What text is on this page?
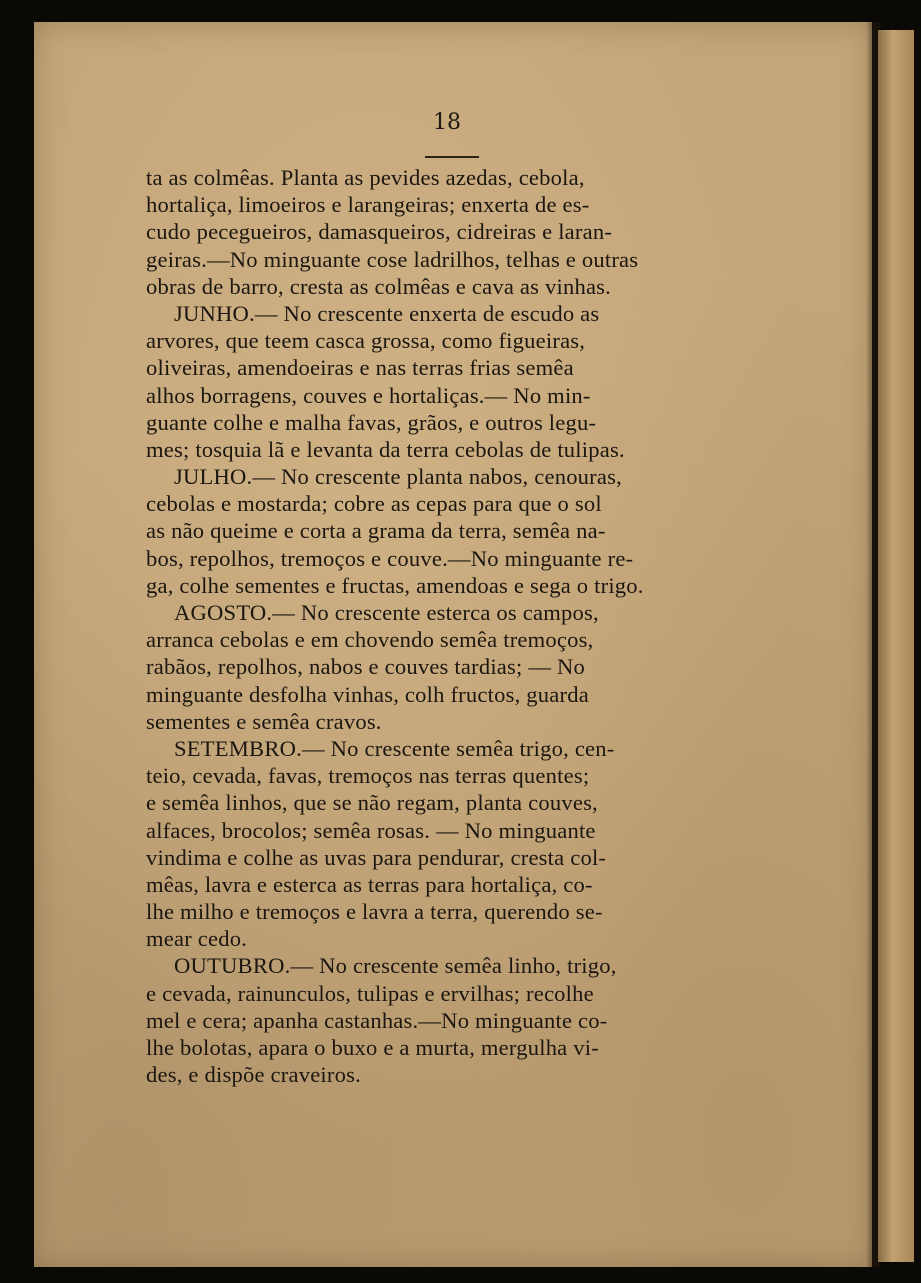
18
ta as colmêas. Planta as pevides azedas, cebola,
hortaliça, limoeiros e larangeiras; enxerta de es-
cudo pecegueiros, damasqueiros, cidreiras e laran-
geiras.—No minguante cose ladrilhos, telhas e outras
obras de barro, cresta as colmêas e cava as vinhas.
JUNHO.— No crescente enxerta de escudo as
arvores, que teem casca grossa, como figueiras,
oliveiras, amendoeiras e nas terras frias semêa
alhos borragens, couves e hortaliças.— No min-
guante colhe e malha favas, grãos, e outros legu-
mes; tosquia lã e levanta da terra cebolas de tulipas.
JULHO.— No crescente planta nabos, cenouras,
cebolas e mostarda; cobre as cepas para que o sol
as não queime e corta a grama da terra, semêa na-
bos, repolhos, tremoços e couve.—No minguante re-
ga, colhe sementes e fructas, amendoas e sega o trigo.
AGOSTO.— No crescente esterca os campos,
arranca cebolas e em chovendo semêa tremoços,
rabãos, repolhos, nabos e couves tardias; — No
minguante desfolha vinhas, colh fructos, guarda
sementes e semêa cravos.
SETEMBRO.— No crescente semêa trigo, cen-
teio, cevada, favas, tremoços nas terras quentes;
e semêa linhos, que se não regam, planta couves,
alfaces, brocolos; semêa rosas. — No minguante
vindima e colhe as uvas para pendurar, cresta col-
mêas, lavra e esterca as terras para hortaliça, co-
lhe milho e tremoços e lavra a terra, querendo se-
mear cedo.
OUTUBRO.— No crescente semêa linho, trigo,
e cevada, rainunculos, tulipas e ervilhas; recolhe
mel e cera; apanha castanhas.—No minguante co-
lhe bolotas, apara o buxo e a murta, mergulha vi-
des, e dispõe craveiros.
